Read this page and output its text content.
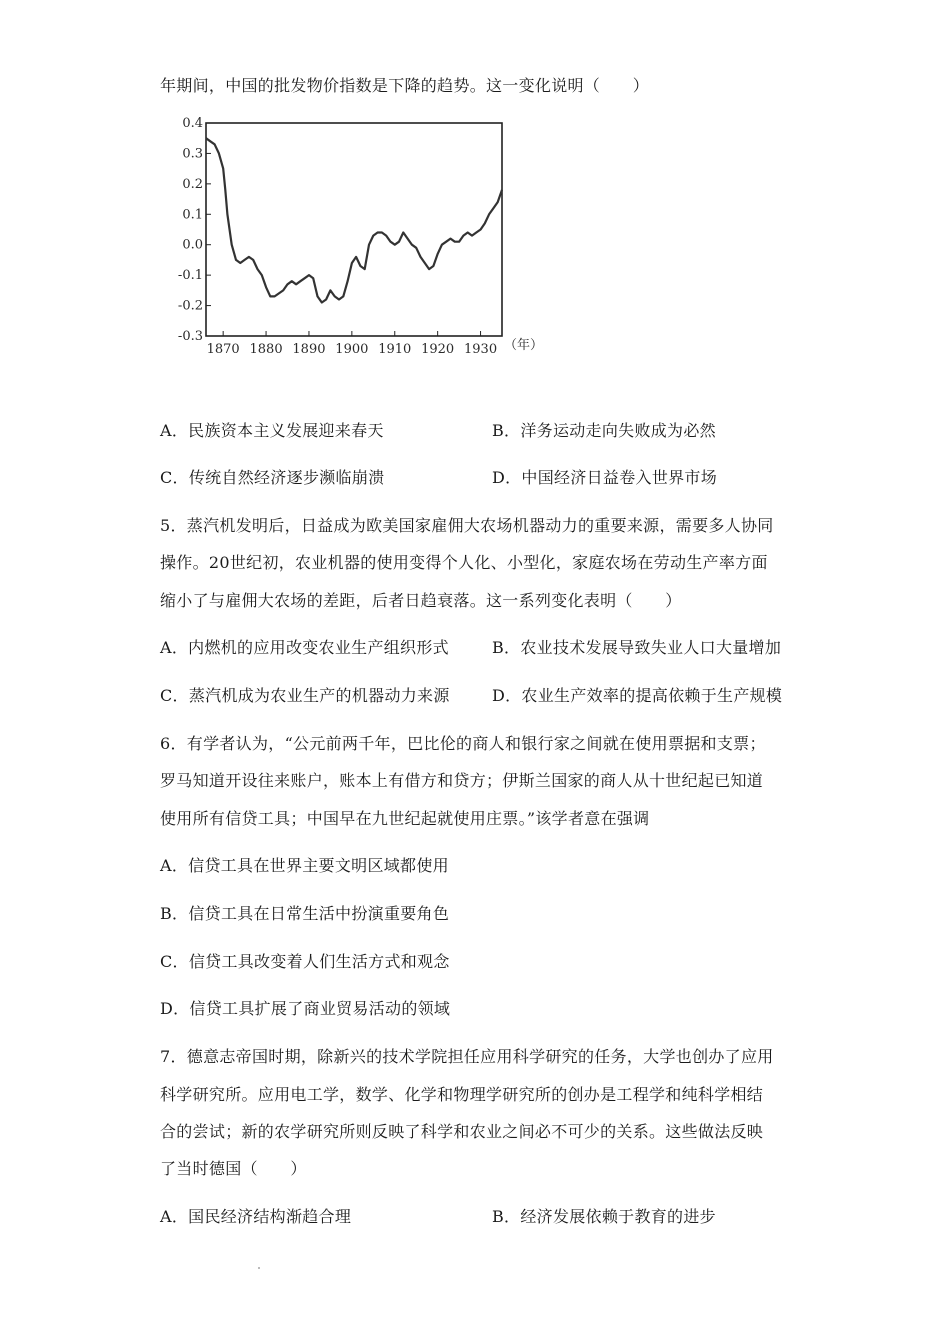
年期间，中国的批发物价指数是下降的趋势。这一变化说明（　　）
0.4
0.3
0.2
0.1
0.0
-0.1
-0.2
-0.3
1870 1880 1890 1900 1910 1920 1930 （年）
A．民族资本主义发展迎来春天	B．洋务运动走向失败成为必然
C．传统自然经济逐步濒临崩溃	D．中国经济日益卷入世界市场
5．蒸汽机发明后，日益成为欧美国家雇佣大农场机器动力的重要来源，需要多人协同
操作。20世纪初，农业机器的使用变得个人化、小型化，家庭农场在劳动生产率方面
缩小了与雇佣大农场的差距，后者日趋衰落。这一系列变化表明（　　）
A．内燃机的应用改变农业生产组织形式	B．农业技术发展导致失业人口大量增加
C．蒸汽机成为农业生产的机器动力来源	D．农业生产效率的提高依赖于生产规模
6．有学者认为，“公元前两千年，巴比伦的商人和银行家之间就在使用票据和支票；
罗马知道开设往来账户，账本上有借方和贷方；伊斯兰国家的商人从十世纪起已知道
使用所有信贷工具；中国早在九世纪起就使用庄票。”该学者意在强调
A．信贷工具在世界主要文明区域都使用
B．信贷工具在日常生活中扮演重要角色
C．信贷工具改变着人们生活方式和观念
D．信贷工具扩展了商业贸易活动的领域
7．德意志帝国时期，除新兴的技术学院担任应用科学研究的任务，大学也创办了应用
科学研究所。应用电工学，数学、化学和物理学研究所的创办是工程学和纯科学相结
合的尝试；新的农学研究所则反映了科学和农业之间必不可少的关系。这些做法反映
了当时德国（　　）
A．国民经济结构渐趋合理	B．经济发展依赖于教育的进步
